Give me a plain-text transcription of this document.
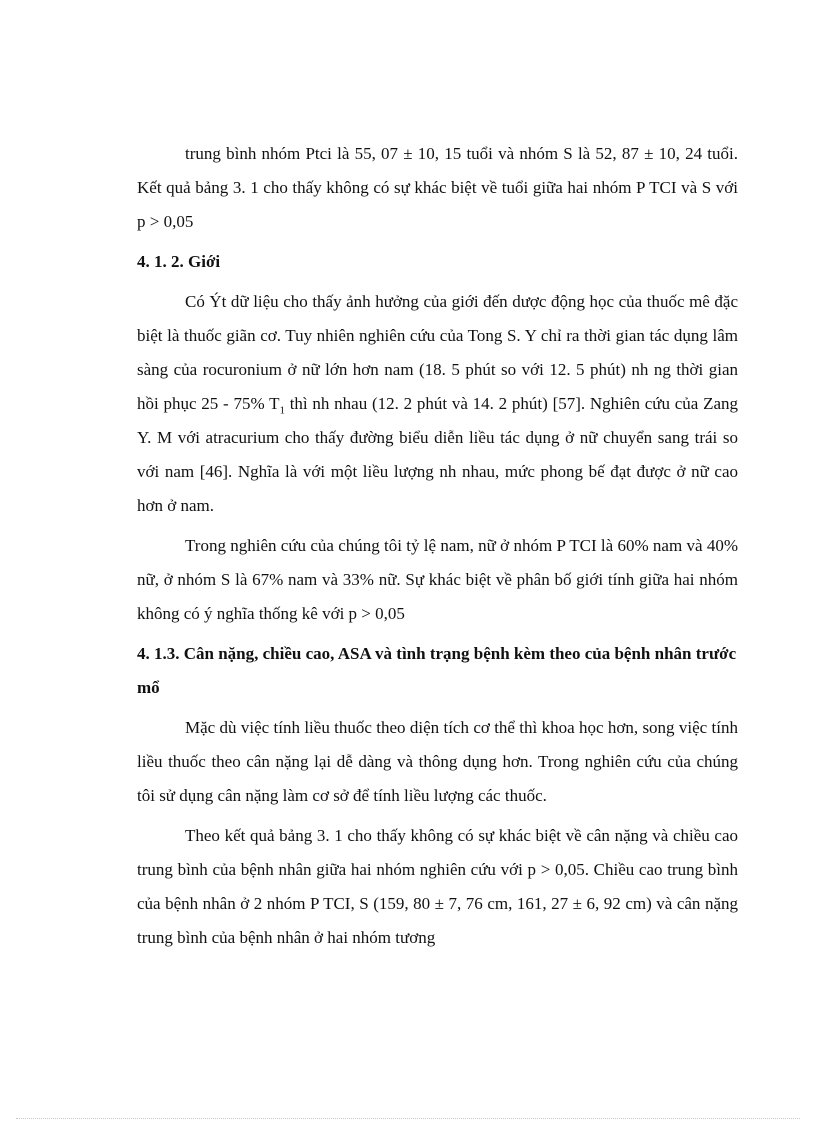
trung bình nhóm Ptci là 55, 07 ± 10, 15 tuổi và nhóm S là 52, 87 ± 10, 24 tuổi. Kết quả bảng 3. 1 cho thấy không có sự khác biệt về tuổi giữa hai nhóm P TCI và S với p > 0,05

4. 1. 2. Giới

Có Ýt dữ liệu cho thấy ảnh hưởng của giới đến dược động học của thuốc mê đặc biệt là thuốc giãn cơ. Tuy nhiên nghiên cứu của Tong S. Y chỉ ra thời gian tác dụng lâm sàng của rocuronium ở nữ lớn hơn nam (18. 5 phút so với 12. 5 phút) nh ng thời gian hồi phục 25 - 75% $T_1$ thì nh nhau (12. 2 phút và 14. 2 phút) [57]. Nghiên cứu của Zang Y. M với atracurium cho thấy đường biểu diễn liều tác dụng ở nữ chuyển sang trái so với nam [46]. Nghĩa là với một liều lượng nh nhau, mức phong bế đạt được ở nữ cao hơn ở nam.

Trong nghiên cứu của chúng tôi tỷ lệ nam, nữ ở nhóm P TCI là 60% nam và 40% nữ, ở nhóm S là 67% nam và 33% nữ. Sự khác biệt về phân bố giới tính giữa hai nhóm không có ý nghĩa thống kê với p > 0,05

4. 1.3. Cân nặng, chiều cao, ASA và tình trạng bệnh kèm theo của bệnh nhân trước mổ

Mặc dù việc tính liều thuốc theo diện tích cơ thể thì khoa học hơn, song việc tính liều thuốc theo cân nặng lại dễ dàng và thông dụng hơn. Trong nghiên cứu của chúng tôi sử dụng cân nặng làm cơ sở để tính liều lượng các thuốc.

Theo kết quả bảng 3. 1 cho thấy không có sự khác biệt về cân nặng và chiều cao trung bình của bệnh nhân giữa hai nhóm nghiên cứu với p > 0,05. Chiều cao trung bình của bệnh nhân ở 2 nhóm P TCI, S (159, 80 ± 7, 76 cm, 161, 27 ± 6, 92 cm) và cân nặng trung bình của bệnh nhân ở hai nhóm tương
